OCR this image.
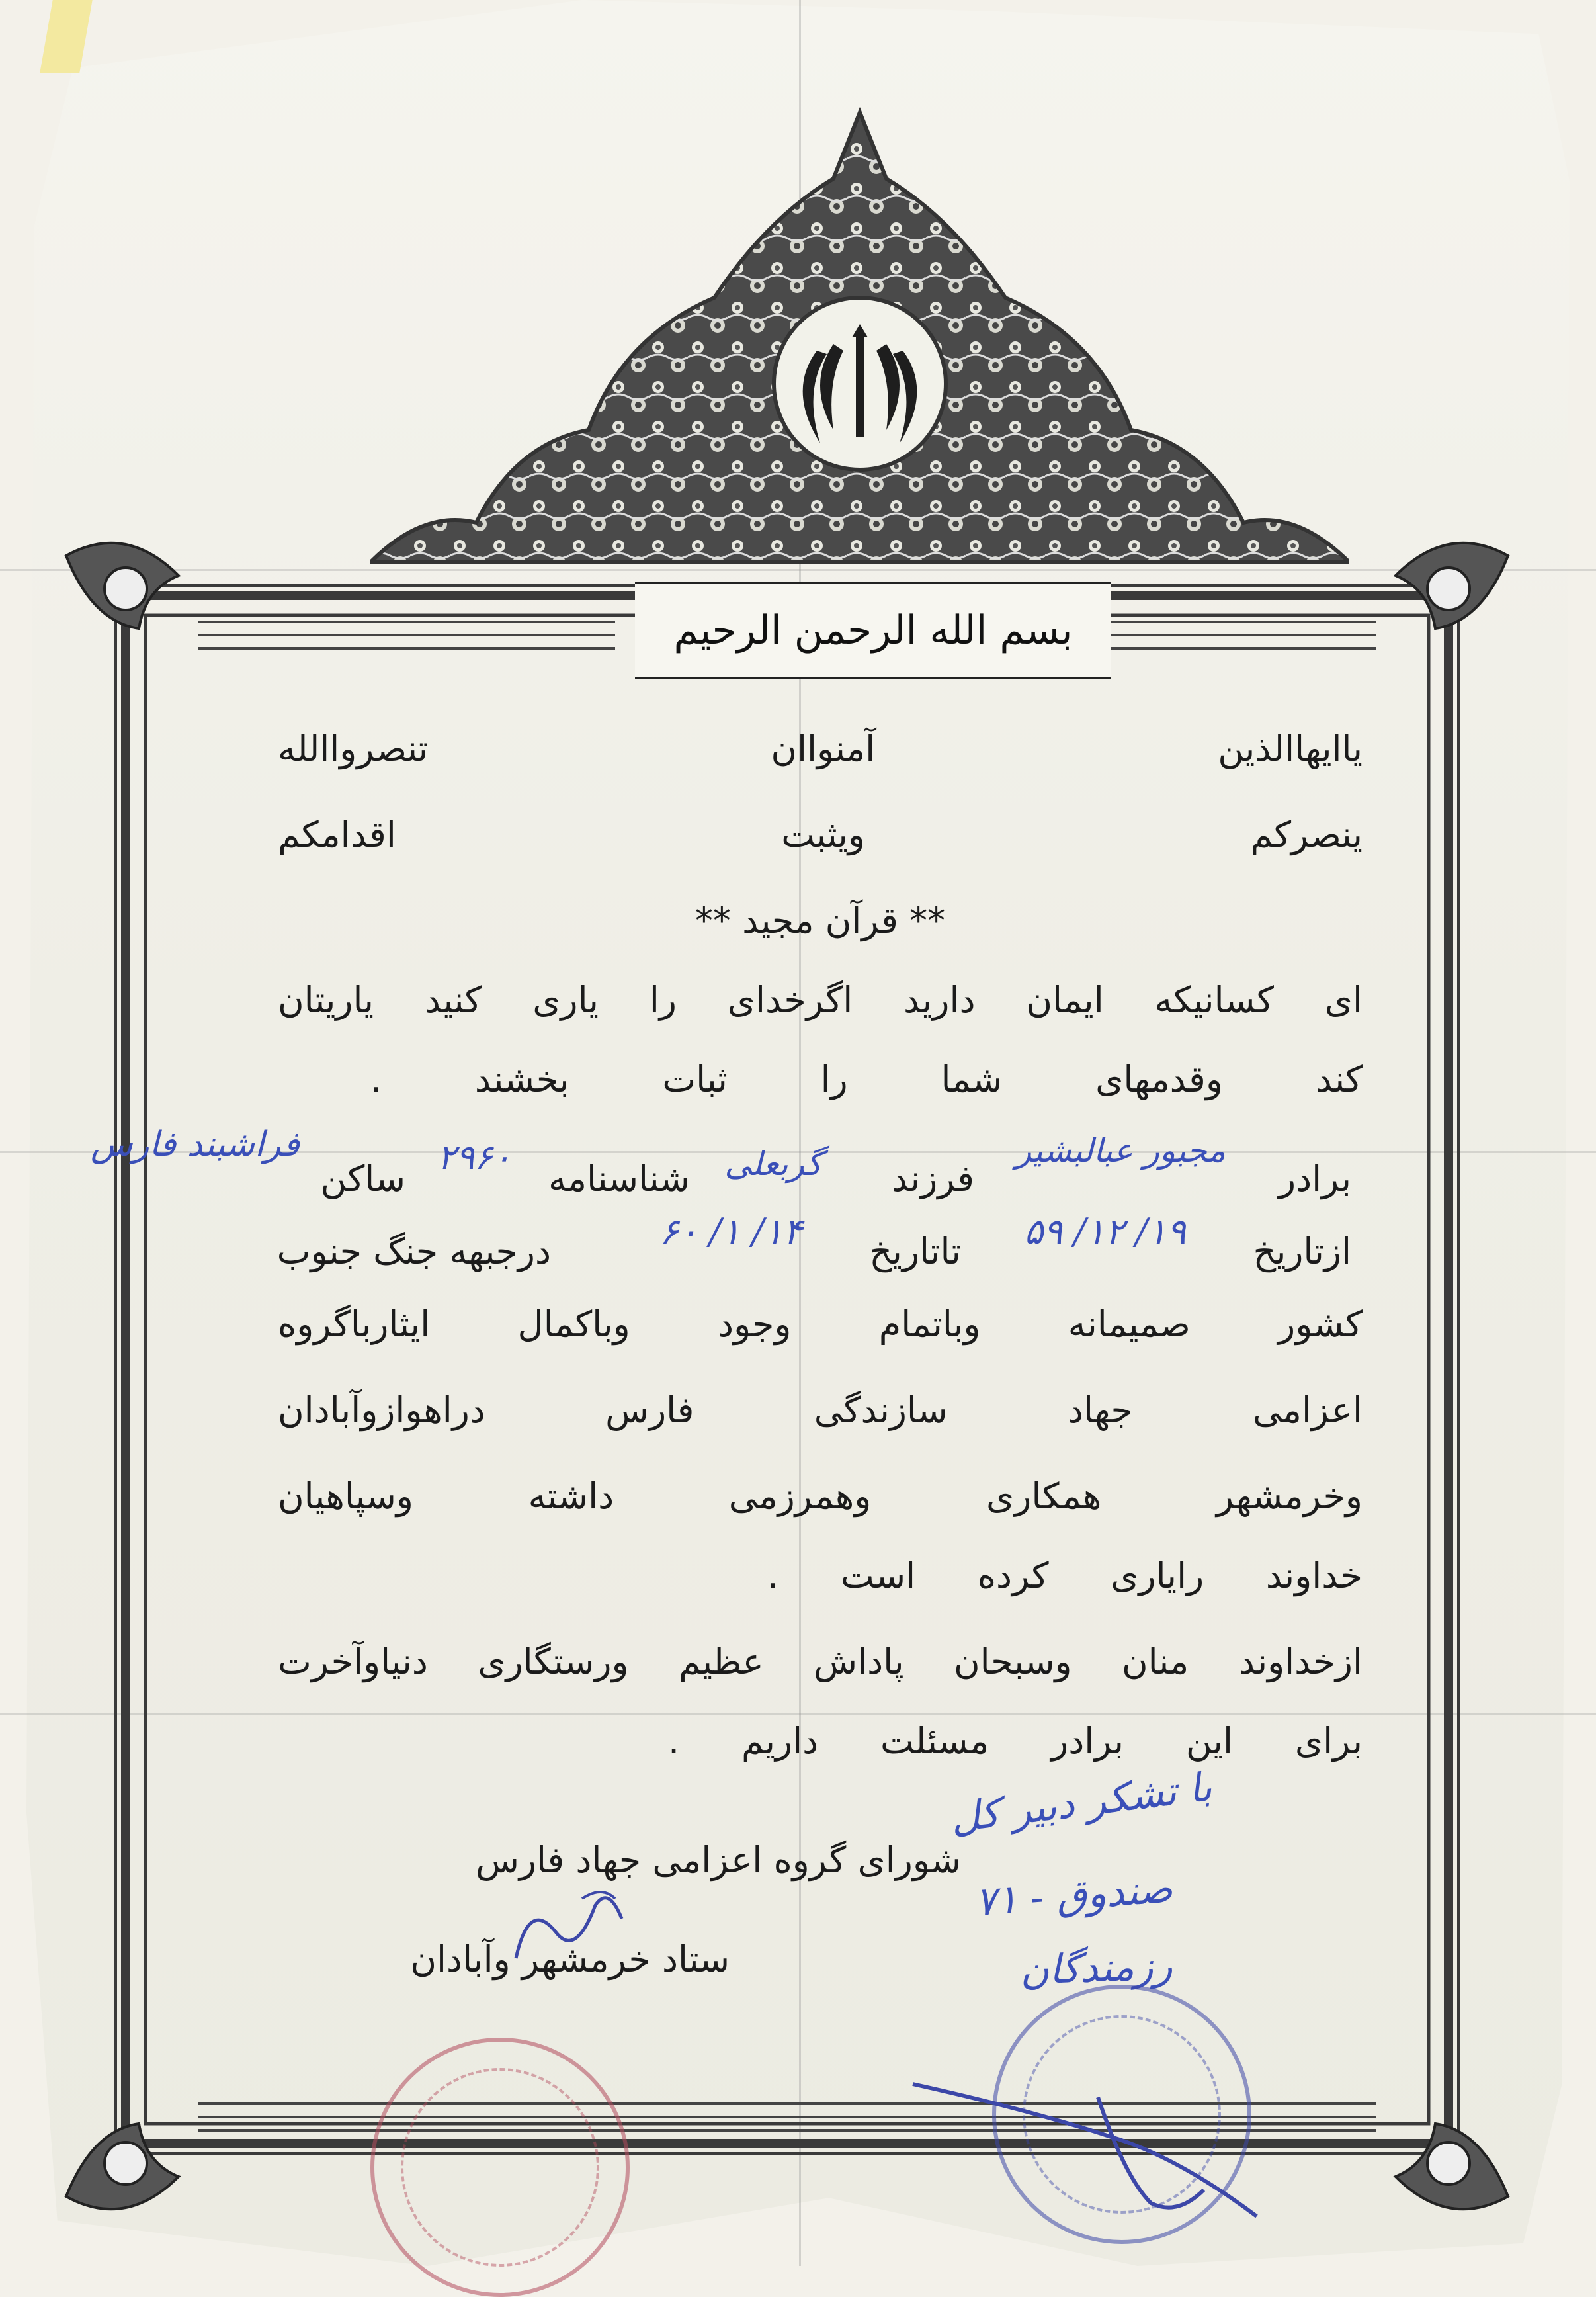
بسم الله الرحمن الرحیم
یاایهاالذین آمنواان تنصرواالله
ینصرکم ویثبت اقدامکم
** قرآن مجید **
ای کسانیکه ایمان دارید اگرخدای را یاری کنید یاریتان
کند وقدمهای شما را ثبات بخشند .
برادر
مجبور عبالبشیر
فرزند
گربعلی
شناسنامه
۲۹۶۰
ساکن
فراشبند فارس
ازتاریخ
۱۹/ ۱۲/ ۵۹
تاتاریخ
۱۴/ ۱/ ۶۰
درجبهه جنگ جنوب
کشور صمیمانه وباتمام وجود وباکمال ایثارباگروه
اعزامی جهاد سازندگی فارس دراهوازوآبادان
وخرمشهر همکاری وهمرزمی داشته وسپاهیان
خداوند رایاری کرده است .
ازخداوند منان وسبحان پاداش عظیم ورستگاری دنیاوآخرت
برای این برادر مسئلت داریم .
شورای گروه اعزامی جهاد فارس
ستاد خرمشهر وآبادان
با تشکر دبیر کل
صندوق - ۷۱
رزمندگان
